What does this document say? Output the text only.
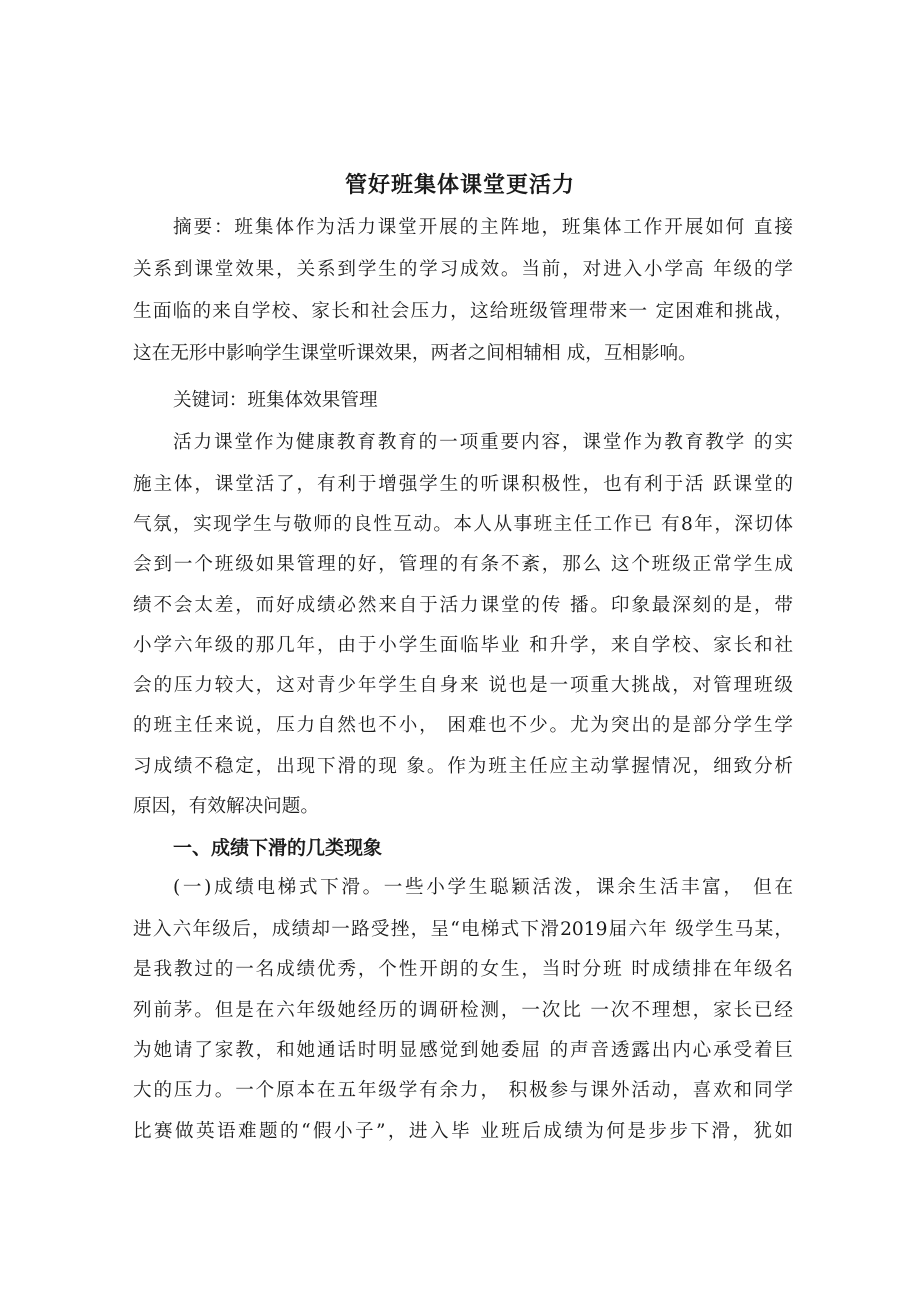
管好班集体课堂更活力

摘要：班集体作为活力课堂开展的主阵地，班集体工作开展如何 直接

关系到课堂效果，关系到学生的学习成效。当前，对进入小学高 年级的学

生面临的来自学校、家长和社会压力，这给班级管理带来一 定困难和挑战，

这在无形中影响学生课堂听课效果，两者之间相辅相 成，互相影响。

关键词：班集体效果管理

活力课堂作为健康教育教育的一项重要内容，课堂作为教育教学 的实

施主体，课堂活了，有利于增强学生的听课积极性，也有利于活 跃课堂的

气氛，实现学生与敬师的良性互动。本人从事班主任工作已 有8年，深切体

会到一个班级如果管理的好，管理的有条不紊，那么 这个班级正常学生成

绩不会太差，而好成绩必然来自于活力课堂的传 播。印象最深刻的是，带

小学六年级的那几年，由于小学生面临毕业 和升学，来自学校、家长和社

会的压力较大，这对青少年学生自身来 说也是一项重大挑战，对管理班级

的班主任来说，压力自然也不小， 困难也不少。尤为突出的是部分学生学

习成绩不稳定，出现下滑的现 象。作为班主任应主动掌握情况，细致分析

原因，有效解决问题。

一、成绩下滑的几类现象

(一)成绩电梯式下滑。一些小学生聪颖活泼，课余生活丰富， 但在

进入六年级后，成绩却一路受挫，呈“电梯式下滑2019届六年 级学生马某，

是我教过的一名成绩优秀，个性开朗的女生，当时分班 时成绩排在年级名

列前茅。但是在六年级她经历的调研检测，一次比 一次不理想，家长已经

为她请了家教，和她通话时明显感觉到她委屈 的声音透露出内心承受着巨

大的压力。一个原本在五年级学有余力， 积极参与课外活动，喜欢和同学

比赛做英语难题的“假小子”，进入毕 业班后成绩为何是步步下滑，犹如
